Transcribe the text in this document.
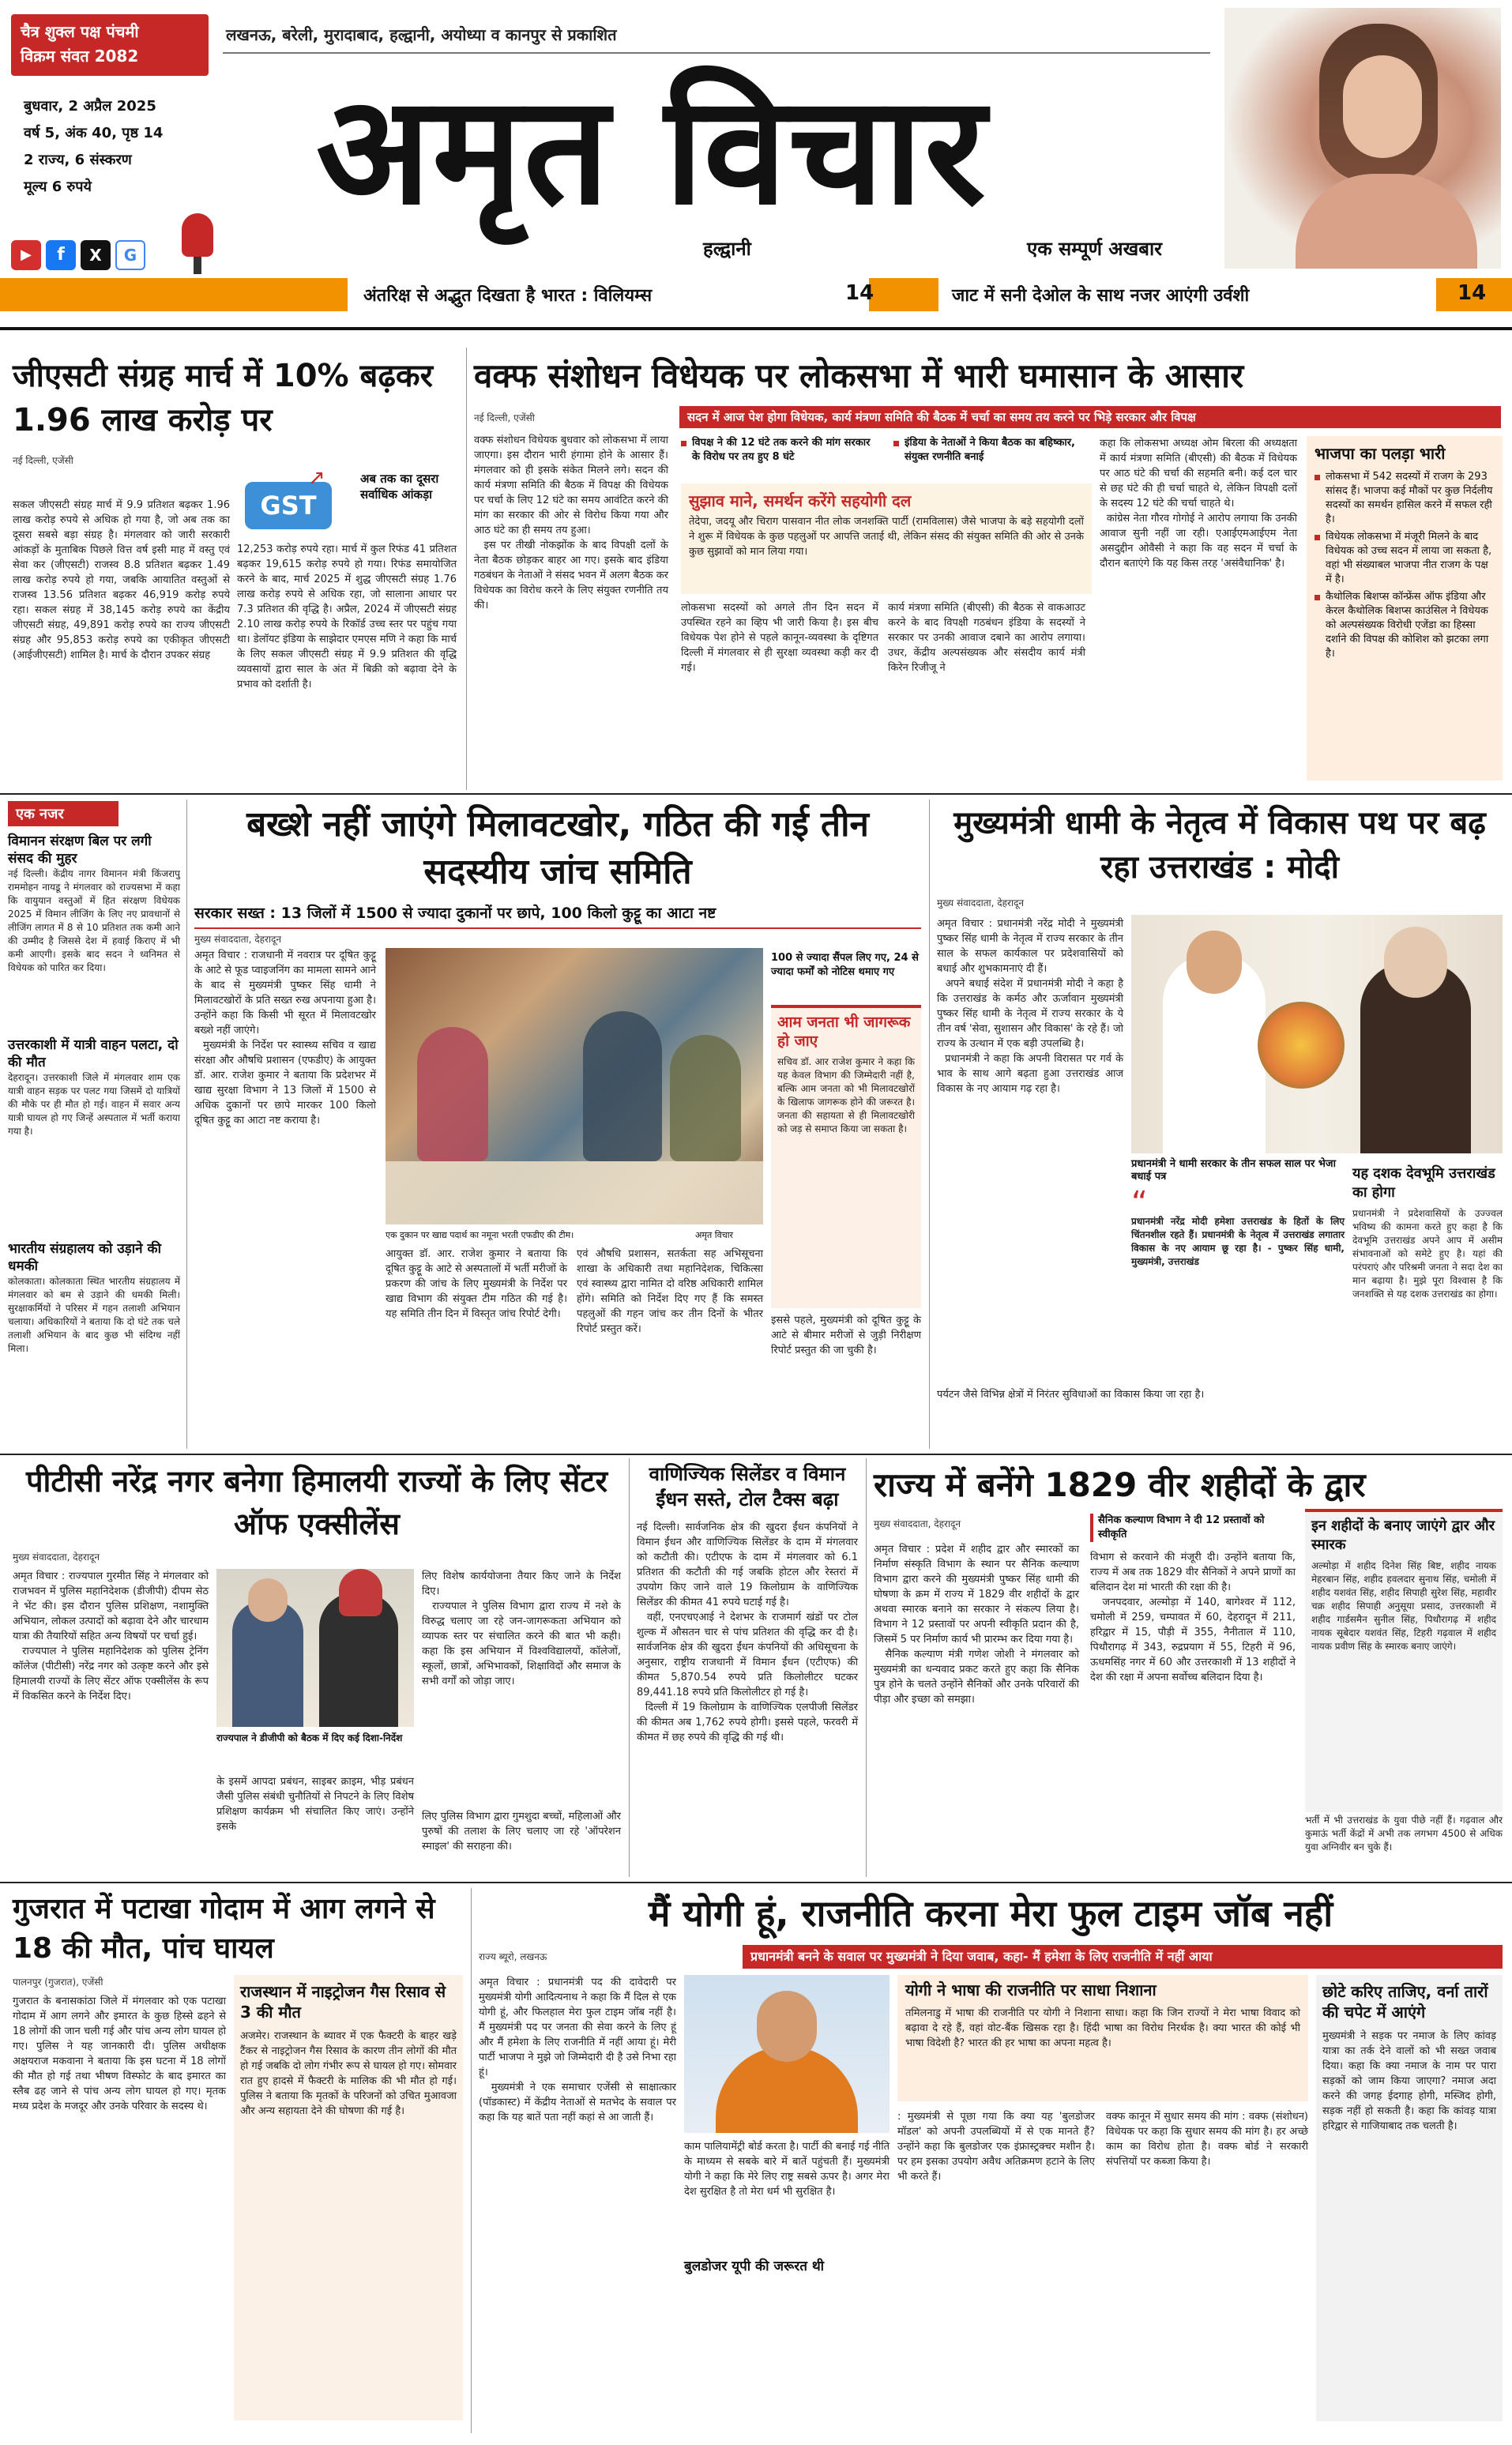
चैत्र शुक्ल पक्ष पंचमी
विक्रम संवत 2082
लखनऊ, बरेली, मुरादाबाद, हल्द्वानी, अयोध्या व कानपुर से प्रकाशित
बुधवार, 2 अप्रैल 2025
वर्ष 5, अंक 40, पृष्ठ 14
2 राज्य, 6 संस्करण
मूल्य 6 रुपये
▶	f	X	G
अमृत विचार
हल्द्वानी	एक सम्पूर्ण अखबार
अंतरिक्ष से अद्भुत दिखता है भारत : विलियम्स	14	जाट में सनी देओल के साथ नजर आएंगी उर्वशी	14
जीएसटी संग्रह मार्च में 10% बढ़कर 1.96 लाख करोड़ पर
नई दिल्ली, एजेंसी
GST
↗	अब तक का दूसरा सर्वाधिक आंकड़ा
सकल जीएसटी संग्रह मार्च में 9.9 प्रतिशत बढ़कर 1.96 लाख करोड़ रुपये से अधिक हो गया है, जो अब तक का दूसरा सबसे बड़ा संग्रह है। मंगलवार को जारी सरकारी आंकड़ों के मुताबिक पिछले वित्त वर्ष इसी माह में वस्तु एवं सेवा कर (जीएसटी) राजस्व 8.8 प्रतिशत बढ़कर 1.49 लाख करोड़ रुपये हो गया, जबकि आयातित वस्तुओं से राजस्व 13.56 प्रतिशत बढ़कर 46,919 करोड़ रुपये रहा। सकल संग्रह में 38,145 करोड़ रुपये का केंद्रीय जीएसटी संग्रह, 49,891 करोड़ रुपये का राज्य जीएसटी संग्रह और 95,853 करोड़ रुपये का एकीकृत जीएसटी (आईजीएसटी) शामिल है। मार्च के दौरान उपकर संग्रह
12,253 करोड़ रुपये रहा। मार्च में कुल रिफंड 41 प्रतिशत बढ़कर 19,615 करोड़ रुपये हो गया। रिफंड समायोजित करने के बाद, मार्च 2025 में शुद्ध जीएसटी संग्रह 1.76 लाख करोड़ रुपये से अधिक रहा, जो सालाना आधार पर 7.3 प्रतिशत की वृद्धि है। अप्रैल, 2024 में जीएसटी संग्रह 2.10 लाख करोड़ रुपये के रिकॉर्ड उच्च स्तर पर पहुंच गया था। डेलॉयट इंडिया के साझेदार एमएस मणि ने कहा कि मार्च के लिए सकल जीएसटी संग्रह में 9.9 प्रतिशत की वृद्धि व्यवसायों द्वारा साल के अंत में बिक्री को बढ़ावा देने के प्रभाव को दर्शाती है।
वक्फ संशोधन विधेयक पर लोकसभा में भारी घमासान के आसार
नई दिल्ली, एजेंसी	सदन में आज पेश होगा विधेयक, कार्य मंत्रणा समिति की बैठक में चर्चा का समय तय करने पर भिड़े सरकार और विपक्ष
वक्फ संशोधन विधेयक बुधवार को लोकसभा में लाया जाएगा। इस दौरान भारी हंगामा होने के आसार हैं। मंगलवार को ही इसके संकेत मिलने लगे। सदन की कार्य मंत्रणा समिति की बैठक में विपक्ष की विधेयक पर चर्चा के लिए 12 घंटे का समय आवंटित करने की मांग का सरकार की ओर से विरोध किया गया और आठ घंटे का ही समय तय हुआ।
इस पर तीखी नोकझोंक के बाद विपक्षी दलों के नेता बैठक छोड़कर बाहर आ गए। इसके बाद इंडिया गठबंधन के नेताओं ने संसद भवन में अलग बैठक कर विधेयक का विरोध करने के लिए संयुक्त रणनीति तय की।
विपक्ष ने की 12 घंटे तक करने की मांग सरकार के विरोध पर तय हुए 8 घंटे
इंडिया के नेताओं ने किया बैठक का बहिष्कार, संयुक्त रणनीति बनाई
सुझाव माने, समर्थन करेंगे सहयोगी दल
तेदेपा, जदयू और चिराग पासवान नीत लोक जनशक्ति पार्टी (रामविलास) जैसे भाजपा के बड़े सहयोगी दलों ने शुरू में विधेयक के कुछ पहलुओं पर आपत्ति जताई थी, लेकिन संसद की संयुक्त समिति की ओर से उनके कुछ सुझावों को मान लिया गया।
लोकसभा सदस्यों को अगले तीन दिन सदन में उपस्थित रहने का व्हिप भी जारी किया है। इस बीच विधेयक पेश होने से पहले कानून-व्यवस्था के दृष्टिगत दिल्ली में मंगलवार से ही सुरक्षा व्यवस्था कड़ी कर दी गई।
कार्य मंत्रणा समिति (बीएसी) की बैठक से वाकआउट करने के बाद विपक्षी गठबंधन इंडिया के सदस्यों ने सरकार पर उनकी आवाज दबाने का आरोप लगाया। उधर, केंद्रीय अल्पसंख्यक और संसदीय कार्य मंत्री किरेन रिजीजू ने
कहा कि लोकसभा अध्यक्ष ओम बिरला की अध्यक्षता में कार्य मंत्रणा समिति (बीएसी) की बैठक में विधेयक पर आठ घंटे की चर्चा की सहमति बनी। कई दल चार से छह घंटे की ही चर्चा चाहते थे, लेकिन विपक्षी दलों के सदस्य 12 घंटे की चर्चा चाहते थे।
कांग्रेस नेता गौरव गोगोई ने आरोप लगाया कि उनकी आवाज सुनी नहीं जा रही। एआईएमआईएम नेता असदुद्दीन ओवैसी ने कहा कि वह सदन में चर्चा के दौरान बताएंगे कि यह किस तरह 'असंवैधानिक' है।
भाजपा का पलड़ा भारी
लोकसभा में 542 सदस्यों में राजग के 293 सांसद हैं। भाजपा कई मौकों पर कुछ निर्दलीय सदस्यों का समर्थन हासिल करने में सफल रही है।
विधेयक लोकसभा में मंजूरी मिलने के बाद विधेयक को उच्च सदन में लाया जा सकता है, वहां भी संख्याबल भाजपा नीत राजग के पक्ष में है।
कैथोलिक बिशप्स कॉन्फ्रेंस ऑफ इंडिया और केरल कैथोलिक बिशप्स काउंसिल ने विधेयक को अल्पसंख्यक विरोधी एजेंडा का हिस्सा दर्शाने की विपक्ष की कोशिश को झटका लगा है।
एक नजर
विमानन संरक्षण बिल पर लगी संसद की मुहर
नई दिल्ली। केंद्रीय नागर विमानन मंत्री किंजरापु राममोहन नायडू ने मंगलवार को राज्यसभा में कहा कि वायुयान वस्तुओं में हित संरक्षण विधेयक 2025 में विमान लीजिंग के लिए नए प्रावधानों से लीजिंग लागत में 8 से 10 प्रतिशत तक कमी आने की उम्मीद है जिससे देश में हवाई किराए में भी कमी आएगी। इसके बाद सदन ने ध्वनिमत से विधेयक को पारित कर दिया।
उत्तरकाशी में यात्री वाहन पलटा, दो की मौत
देहरादून। उत्तरकाशी जिले में मंगलवार शाम एक यात्री वाहन सड़क पर पलट गया जिसमें दो यात्रियों की मौके पर ही मौत हो गई। वाहन में सवार अन्य यात्री घायल हो गए जिन्हें अस्पताल में भर्ती कराया गया है।
भारतीय संग्रहालय को उड़ाने की धमकी
कोलकाता। कोलकाता स्थित भारतीय संग्रहालय में मंगलवार को बम से उड़ाने की धमकी मिली। सुरक्षाकर्मियों ने परिसर में गहन तलाशी अभियान चलाया। अधिकारियों ने बताया कि दो घंटे तक चले तलाशी अभियान के बाद कुछ भी संदिग्ध नहीं मिला।
बख्शे नहीं जाएंगे मिलावटखोर, गठित की गई तीन सदस्यीय जांच समिति
सरकार सख्त : 13 जिलों में 1500 से ज्यादा दुकानों पर छापे, 100 किलो कुट्टू का आटा नष्ट
मुख्य संवाददाता, देहरादून
अमृत विचार : राजधानी में नवरात्र पर दूषित कुट्टू के आटे से फूड प्वाइजनिंग का मामला सामने आने के बाद से मुख्यमंत्री पुष्कर सिंह धामी ने मिलावटखोरों के प्रति सख्त रुख अपनाया हुआ है। उन्होंने कहा कि किसी भी सूरत में मिलावटखोर बख्शे नहीं जाएंगे।
मुख्यमंत्री के निर्देश पर स्वास्थ्य सचिव व खाद्य संरक्षा और औषधि प्रशासन (एफडीए) के आयुक्त डॉ. आर. राजेश कुमार ने बताया कि प्रदेशभर में खाद्य सुरक्षा विभाग ने 13 जिलों में 1500 से अधिक दुकानों पर छापे मारकर 100 किलो दूषित कुट्टू का आटा नष्ट कराया है।
एक दुकान पर खाद्य पदार्थ का नमूना भरती एफडीए की टीम।	अमृत विचार
आयुक्त डॉ. आर. राजेश कुमार ने बताया कि दूषित कुट्टू के आटे से अस्पतालों में भर्ती मरीजों के प्रकरण की जांच के लिए मुख्यमंत्री के निर्देश पर खाद्य विभाग की संयुक्त टीम गठित की गई है। यह समिति तीन दिन में विस्तृत जांच रिपोर्ट देगी।
एवं औषधि प्रशासन, सतर्कता सह अभिसूचना शाखा के अधिकारी तथा महानिदेशक, चिकित्सा एवं स्वास्थ्य द्वारा नामित दो वरिष्ठ अधिकारी शामिल होंगे। समिति को निर्देश दिए गए हैं कि समस्त पहलुओं की गहन जांच कर तीन दिनों के भीतर रिपोर्ट प्रस्तुत करें।
100 से ज्यादा सैंपल लिए गए, 24 से ज्यादा फर्मों को नोटिस थमाए गए
आम जनता भी जागरूक हो जाए
सचिव डॉ. आर राजेश कुमार ने कहा कि यह केवल विभाग की जिम्मेदारी नहीं है, बल्कि आम जनता को भी मिलावटखोरों के खिलाफ जागरूक होने की जरूरत है। जनता की सहायता से ही मिलावटखोरी को जड़ से समाप्त किया जा सकता है।
इससे पहले, मुख्यमंत्री को दूषित कुट्टू के आटे से बीमार मरीजों से जुड़ी निरीक्षण रिपोर्ट प्रस्तुत की जा चुकी है।
मुख्यमंत्री धामी के नेतृत्व में विकास पथ पर बढ़ रहा उत्तराखंड : मोदी
मुख्य संवाददाता, देहरादून
अमृत विचार : प्रधानमंत्री नरेंद्र मोदी ने मुख्यमंत्री पुष्कर सिंह धामी के नेतृत्व में राज्य सरकार के तीन साल के सफल कार्यकाल पर प्रदेशवासियों को बधाई और शुभकामनाएं दी हैं।
अपने बधाई संदेश में प्रधानमंत्री मोदी ने कहा है कि उत्तराखंड के कर्मठ और ऊर्जावान मुख्यमंत्री पुष्कर सिंह धामी के नेतृत्व में राज्य सरकार के ये तीन वर्ष 'सेवा, सुशासन और विकास' के रहे हैं। जो राज्य के उत्थान में एक बड़ी उपलब्धि है।
प्रधानमंत्री ने कहा कि अपनी विरासत पर गर्व के भाव के साथ आगे बढ़ता हुआ उत्तराखंड आज विकास के नए आयाम गढ़ रहा है।
प्रधानमंत्री ने धामी सरकार के तीन सफल साल पर भेजा बधाई पत्र
“
प्रधानमंत्री नरेंद्र मोदी हमेशा उत्तराखंड के हितों के लिए चिंतनशील रहते हैं। प्रधानमंत्री के नेतृत्व में उत्तराखंड लगातार विकास के नए आयाम छू रहा है। - पुष्कर सिंह धामी, मुख्यमंत्री, उत्तराखंड
पर्यटन जैसे विभिन्न क्षेत्रों में निरंतर सुविधाओं का विकास किया जा रहा है।
यह दशक देवभूमि उत्तराखंड का होगा
प्रधानमंत्री ने प्रदेशवासियों के उज्ज्वल भविष्य की कामना करते हुए कहा है कि देवभूमि उत्तराखंड अपने आप में असीम संभावनाओं को समेटे हुए है। यहां की परंपराएं और परिश्रमी जनता ने सदा देश का मान बढ़ाया है। मुझे पूरा विश्वास है कि जनशक्ति से यह दशक उत्तराखंड का होगा।
पीटीसी नरेंद्र नगर बनेगा हिमालयी राज्यों के लिए सेंटर ऑफ एक्सीलेंस
मुख्य संवाददाता, देहरादून
अमृत विचार : राज्यपाल गुरमीत सिंह ने मंगलवार को राजभवन में पुलिस महानिदेशक (डीजीपी) दीपम सेठ ने भेंट की। इस दौरान पुलिस प्रशिक्षण, नशामुक्ति अभियान, लोकल उत्पादों को बढ़ावा देने और चारधाम यात्रा की तैयारियों सहित अन्य विषयों पर चर्चा हुई।
राज्यपाल ने पुलिस महानिदेशक को पुलिस ट्रेनिंग कॉलेज (पीटीसी) नरेंद्र नगर को उत्कृष्ट करने और इसे हिमालयी राज्यों के लिए सेंटर ऑफ एक्सीलेंस के रूप में विकसित करने के निर्देश दिए।
राज्यपाल ने डीजीपी को बैठक में दिए कई दिशा-निर्देश
लिए विशेष कार्ययोजना तैयार किए जाने के निर्देश दिए।
राज्यपाल ने पुलिस विभाग द्वारा राज्य में नशे के विरुद्ध चलाए जा रहे जन-जागरूकता अभियान को व्यापक स्तर पर संचालित करने की बात भी कही। कहा कि इस अभियान में विश्वविद्यालयों, कॉलेजों, स्कूलों, छात्रों, अभिभावकों, शिक्षाविदों और समाज के सभी वर्गों को जोड़ा जाए।
के इसमें आपदा प्रबंधन, साइबर क्राइम, भीड़ प्रबंधन जैसी पुलिस संबंधी चुनौतियों से निपटने के लिए विशेष प्रशिक्षण कार्यक्रम भी संचालित किए जाएं। उन्होंने इसके
लिए पुलिस विभाग द्वारा गुमशुदा बच्चों, महिलाओं और पुरुषों की तलाश के लिए चलाए जा रहे 'ऑपरेशन स्माइल' की सराहना की।
वाणिज्यिक सिलेंडर व विमान ईंधन सस्ते, टोल टैक्स बढ़ा
नई दिल्ली। सार्वजनिक क्षेत्र की खुदरा ईंधन कंपनियों ने विमान ईंधन और वाणिज्यिक सिलेंडर के दाम में मंगलवार को कटौती की। एटीएफ के दाम में मंगलवार को 6.1 प्रतिशत की कटौती की गई जबकि होटल और रेस्तरां में उपयोग किए जाने वाले 19 किलोग्राम के वाणिज्यिक सिलेंडर की कीमत 41 रुपये घटाई गई है।
वहीं, एनएचएआई ने देशभर के राजमार्ग खंडों पर टोल शुल्क में औसतन चार से पांच प्रतिशत की वृद्धि कर दी है। सार्वजनिक क्षेत्र की खुदरा ईंधन कंपनियों की अधिसूचना के अनुसार, राष्ट्रीय राजधानी में विमान ईंधन (एटीएफ) की कीमत 5,870.54 रुपये प्रति किलोलीटर घटकर 89,441.18 रुपये प्रति किलोलीटर हो गई है।
दिल्ली में 19 किलोग्राम के वाणिज्यिक एलपीजी सिलेंडर की कीमत अब 1,762 रुपये होगी। इससे पहले, फरवरी में कीमत में छह रुपये की वृद्धि की गई थी।
राज्य में बनेंगे 1829 वीर शहीदों के द्वार
मुख्य संवाददाता, देहरादून	सैनिक कल्याण विभाग ने दी 12 प्रस्तावों को स्वीकृति
अमृत विचार : प्रदेश में शहीद द्वार और स्मारकों का निर्माण संस्कृति विभाग के स्थान पर सैनिक कल्याण विभाग द्वारा करने की मुख्यमंत्री पुष्कर सिंह धामी की घोषणा के क्रम में राज्य में 1829 वीर शहीदों के द्वार अथवा स्मारक बनाने का सरकार ने संकल्प लिया है। विभाग ने 12 प्रस्तावों पर अपनी स्वीकृति प्रदान की है, जिसमें 5 पर निर्माण कार्य भी प्रारम्भ कर दिया गया है।
सैनिक कल्याण मंत्री गणेश जोशी ने मंगलवार को मुख्यमंत्री का धन्यवाद प्रकट करते हुए कहा कि सैनिक पुत्र होने के चलते उन्होंने सैनिकों और उनके परिवारों की पीड़ा और इच्छा को समझा।
विभाग से करवाने की मंजूरी दी। उन्होंने बताया कि, राज्य में अब तक 1829 वीर सैनिकों ने अपने प्राणों का बलिदान देश मां भारती की रक्षा की है।
जनपदवार, अल्मोड़ा में 140, बागेश्वर में 112, चमोली में 259, चम्पावत में 60, देहरादून में 211, हरिद्वार में 15, पौड़ी में 355, नैनीताल में 110, पिथौरागढ़ में 343, रुद्रप्रयाग में 55, टिहरी में 96, ऊधमसिंह नगर में 60 और उत्तरकाशी में 13 शहीदों ने देश की रक्षा में अपना सर्वोच्च बलिदान दिया है।
इन शहीदों के बनाए जाएंगे द्वार और स्मारक
अल्मोड़ा में शहीद दिनेश सिंह बिष्ट, शहीद नायक मेहरबान सिंह, शहीद हवलदार सुनाथ सिंह, चमोली में शहीद यशवंत सिंह, शहीद सिपाही सुरेश सिंह, महावीर चक्र शहीद सिपाही अनुसूया प्रसाद, उत्तरकाशी में शहीद गार्डसमैन सुनील सिंह, पिथौरागढ़ में शहीद नायक सूबेदार यशवंत सिंह, टिहरी गढ़वाल में शहीद नायक प्रवीण सिंह के स्मारक बनाए जाएंगे।
भर्ती में भी उत्तराखंड के युवा पीछे नहीं हैं। गढ़वाल और कुमाऊं भर्ती केंद्रों में अभी तक लगभग 4500 से अधिक युवा अग्निवीर बन चुके हैं।
गुजरात में पटाखा गोदाम में आग लगने से 18 की मौत, पांच घायल
पालनपुर (गुजरात), एजेंसी
गुजरात के बनासकांठा जिले में मंगलवार को एक पटाखा गोदाम में आग लगने और इमारत के कुछ हिस्से ढहने से 18 लोगों की जान चली गई और पांच अन्य लोग घायल हो गए। पुलिस ने यह जानकारी दी। पुलिस अधीक्षक अक्षयराज मकवाना ने बताया कि इस घटना में 18 लोगों की मौत हो गई तथा भीषण विस्फोट के बाद इमारत का स्लैब ढह जाने से पांच अन्य लोग घायल हो गए। मृतक मध्य प्रदेश के मजदूर और उनके परिवार के सदस्य थे।
राजस्थान में नाइट्रोजन गैस रिसाव से 3 की मौत
अजमेर। राजस्थान के ब्यावर में एक फैक्टरी के बाहर खड़े टैंकर से नाइट्रोजन गैस रिसाव के कारण तीन लोगों की मौत हो गई जबकि दो लोग गंभीर रूप से घायल हो गए। सोमवार रात हुए हादसे में फैक्टरी के मालिक की भी मौत हो गई। पुलिस ने बताया कि मृतकों के परिजनों को उचित मुआवजा और अन्य सहायता देने की घोषणा की गई है।
मैं योगी हूं, राजनीति करना मेरा फुल टाइम जॉब नहीं
प्रधानमंत्री बनने के सवाल पर मुख्यमंत्री ने दिया जवाब, कहा- मैं हमेशा के लिए राजनीति में नहीं आया
राज्य ब्यूरो, लखनऊ
अमृत विचार : प्रधानमंत्री पद की दावेदारी पर मुख्यमंत्री योगी आदित्यनाथ ने कहा कि मैं दिल से एक योगी हूं, और फिलहाल मेरा फुल टाइम जॉब नहीं है। मैं मुख्यमंत्री पद पर जनता की सेवा करने के लिए हूं और मैं हमेशा के लिए राजनीति में नहीं आया हूं। मेरी पार्टी भाजपा ने मुझे जो जिम्मेदारी दी है उसे निभा रहा हूं।
मुख्यमंत्री ने एक समाचार एजेंसी से साक्षात्कार (पॉडकास्ट) में केंद्रीय नेताओं से मतभेद के सवाल पर कहा कि यह बातें पता नहीं कहां से आ जाती हैं।
काम पालियामेंट्री बोर्ड करता है। पार्टी की बनाई गई नीति के माध्यम से सबके बारे में बातें पहुंचती हैं। मुख्यमंत्री योगी ने कहा कि मेरे लिए राष्ट्र सबसे ऊपर है। अगर मेरा देश सुरक्षित है तो मेरा धर्म भी सुरक्षित है।
योगी ने भाषा की राजनीति पर साधा निशाना
तमिलनाडु में भाषा की राजनीति पर योगी ने निशाना साधा। कहा कि जिन राज्यों ने मेरा भाषा विवाद को बढ़ावा दे रहे हैं, वहां वोट-बैंक खिसक रहा है। हिंदी भाषा का विरोध निरर्थक है। क्या भारत की कोई भी भाषा विदेशी है? भारत की हर भाषा का अपना महत्व है।
: मुख्यमंत्री से पूछा गया कि क्या यह 'बुलडोजर मॉडल' को अपनी उपलब्धियों में से एक मानते हैं? उन्होंने कहा कि बुलडोजर एक इंफ्रास्ट्रक्चर मशीन है। पर हम इसका उपयोग अवैध अतिक्रमण हटाने के लिए भी करते हैं।
वक्फ कानून में सुधार समय की मांग : वक्फ (संशोधन) विधेयक पर कहा कि सुधार समय की मांग है। हर अच्छे काम का विरोध होता है। वक्फ बोर्ड ने सरकारी संपत्तियों पर कब्जा किया है।
बुलडोजर यूपी की जरूरत थी
छोटे करिए ताजिए, वर्ना तारों की चपेट में आएंगे
मुख्यमंत्री ने सड़क पर नमाज के लिए कांवड़ यात्रा का तर्क देने वालों को भी सख्त जवाब दिया। कहा कि क्या नमाज के नाम पर पारा सड़कों को जाम किया जाएगा? नमाज अदा करने की जगह ईदगाह होगी, मस्जिद होगी, सड़क नहीं हो सकती है। कहा कि कांवड़ यात्रा हरिद्वार से गाजियाबाद तक चलती है।
